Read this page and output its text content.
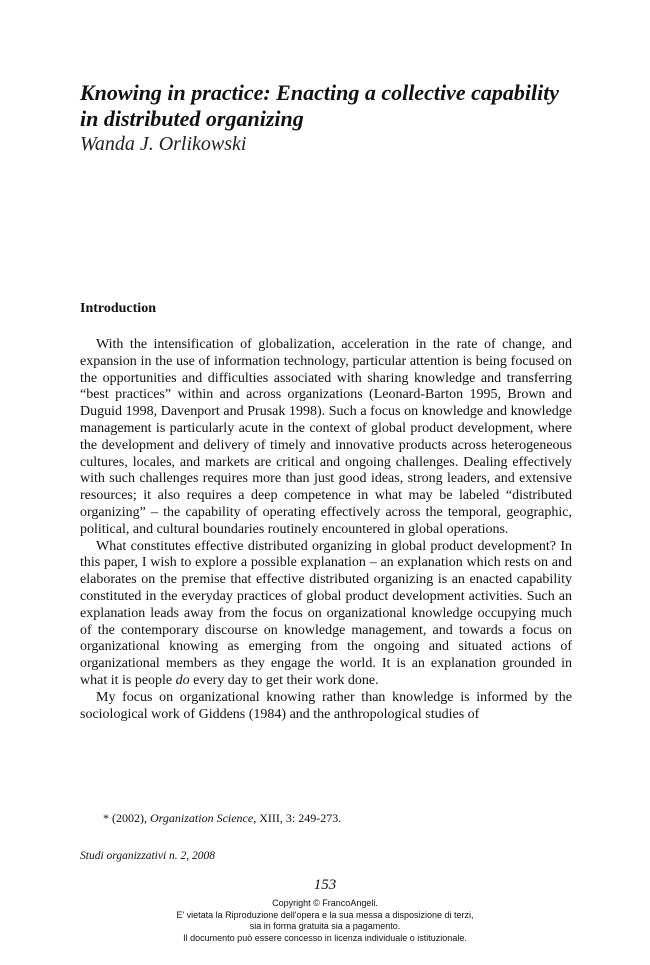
Knowing in practice: Enacting a collective capability in distributed organizing
Wanda J. Orlikowski
Introduction

With the intensification of globalization, acceleration in the rate of change, and expansion in the use of information technology, particular attention is being focused on the opportunities and difficulties associated with sharing knowledge and transferring “best practices” within and across organizations (Leonard-Barton 1995, Brown and Duguid 1998, Davenport and Prusak 1998). Such a focus on knowledge and knowledge management is particularly acute in the context of global product development, where the development and delivery of timely and innovative products across heterogeneous cultures, locales, and markets are critical and ongoing challenges. Dealing effectively with such challenges requires more than just good ideas, strong leaders, and extensive resources; it also requires a deep competence in what may be labeled “distributed organizing” – the capability of operating effectively across the temporal, geographic, political, and cultural boundaries routinely encountered in global operations.

What constitutes effective distributed organizing in global product development? In this paper, I wish to explore a possible explanation – an explanation which rests on and elaborates on the premise that effective distributed organizing is an enacted capability constituted in the everyday practices of global product development activities. Such an explanation leads away from the focus on organizational knowledge occupying much of the contemporary discourse on knowledge management, and towards a focus on organizational knowing as emerging from the ongoing and situated actions of organizational members as they engage the world. It is an explanation grounded in what it is people do every day to get their work done.

My focus on organizational knowing rather than knowledge is informed by the sociological work of Giddens (1984) and the anthropological studies of

* (2002), Organization Science, XIII, 3: 249-273.
Studi organizzativi n. 2, 2008
153
Copyright © FrancoAngeli.
E' vietata la Riproduzione dell'opera e la sua messa a disposizione di terzi,
sia in forma gratuita sia a pagamento.
Il documento può essere concesso in licenza individuale o istituzionale.
